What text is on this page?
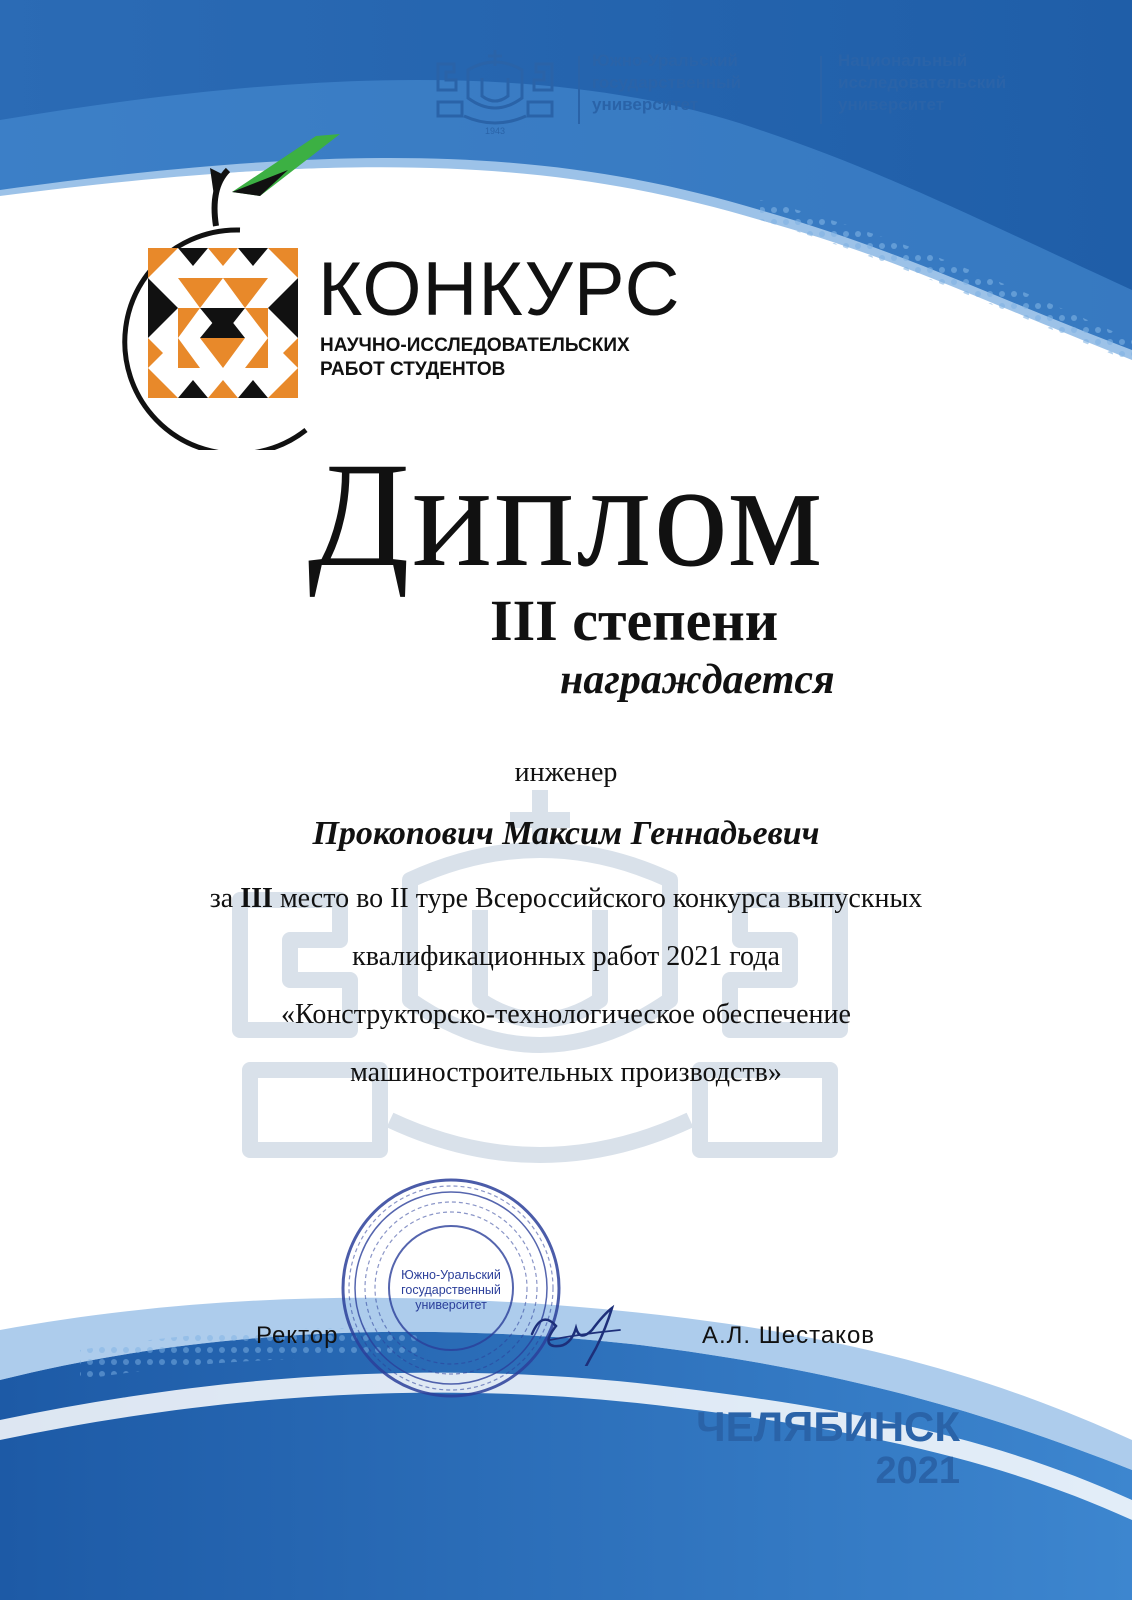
1943
Южно-Уральский
государственный
университет
Национальный
исследовательский
университет
КОНКУРС
НАУЧНО-ИССЛЕДОВАТЕЛЬСКИХ
РАБОТ СТУДЕНТОВ
Диплом
III степени
награждается
инженер
Прокопович Максим Геннадьевич
за III место во II туре Всероссийского конкурса выпускных
квалификационных работ 2021 года
«Конструкторско-технологическое обеспечение
машиностроительных производств»
Южно-Уральский
государственный
университет
Ректор	А.Л. Шестаков
ЧЕЛЯБИНСК
2021
